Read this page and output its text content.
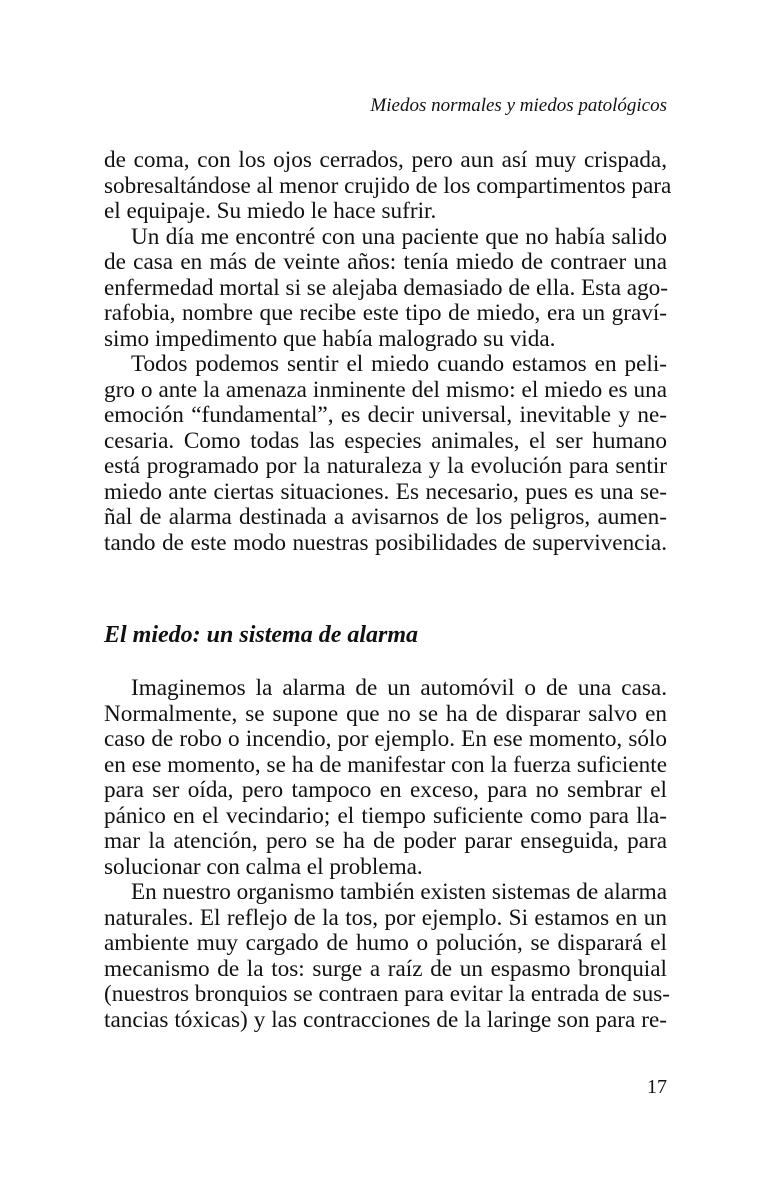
Miedos normales y miedos patológicos
de coma, con los ojos cerrados, pero aun así muy crispada,
sobresaltándose al menor crujido de los compartimentos para
el equipaje. Su miedo le hace sufrir.
Un día me encontré con una paciente que no había salido
de casa en más de veinte años: tenía miedo de contraer una
enfermedad mortal si se alejaba demasiado de ella. Esta ago-
rafobia, nombre que recibe este tipo de miedo, era un graví-
simo impedimento que había malogrado su vida.
Todos podemos sentir el miedo cuando estamos en peli-
gro o ante la amenaza inminente del mismo: el miedo es una
emoción “fundamental”, es decir universal, inevitable y ne-
cesaria. Como todas las especies animales, el ser humano
está programado por la naturaleza y la evolución para sentir
miedo ante ciertas situaciones. Es necesario, pues es una se-
ñal de alarma destinada a avisarnos de los peligros, aumen-
tando de este modo nuestras posibilidades de supervivencia.
El miedo: un sistema de alarma
Imaginemos la alarma de un automóvil o de una casa.
Normalmente, se supone que no se ha de disparar salvo en
caso de robo o incendio, por ejemplo. En ese momento, sólo
en ese momento, se ha de manifestar con la fuerza suficiente
para ser oída, pero tampoco en exceso, para no sembrar el
pánico en el vecindario; el tiempo suficiente como para lla-
mar la atención, pero se ha de poder parar enseguida, para
solucionar con calma el problema.
En nuestro organismo también existen sistemas de alarma
naturales. El reflejo de la tos, por ejemplo. Si estamos en un
ambiente muy cargado de humo o polución, se disparará el
mecanismo de la tos: surge a raíz de un espasmo bronquial
(nuestros bronquios se contraen para evitar la entrada de sus-
tancias tóxicas) y las contracciones de la laringe son para re-
17
